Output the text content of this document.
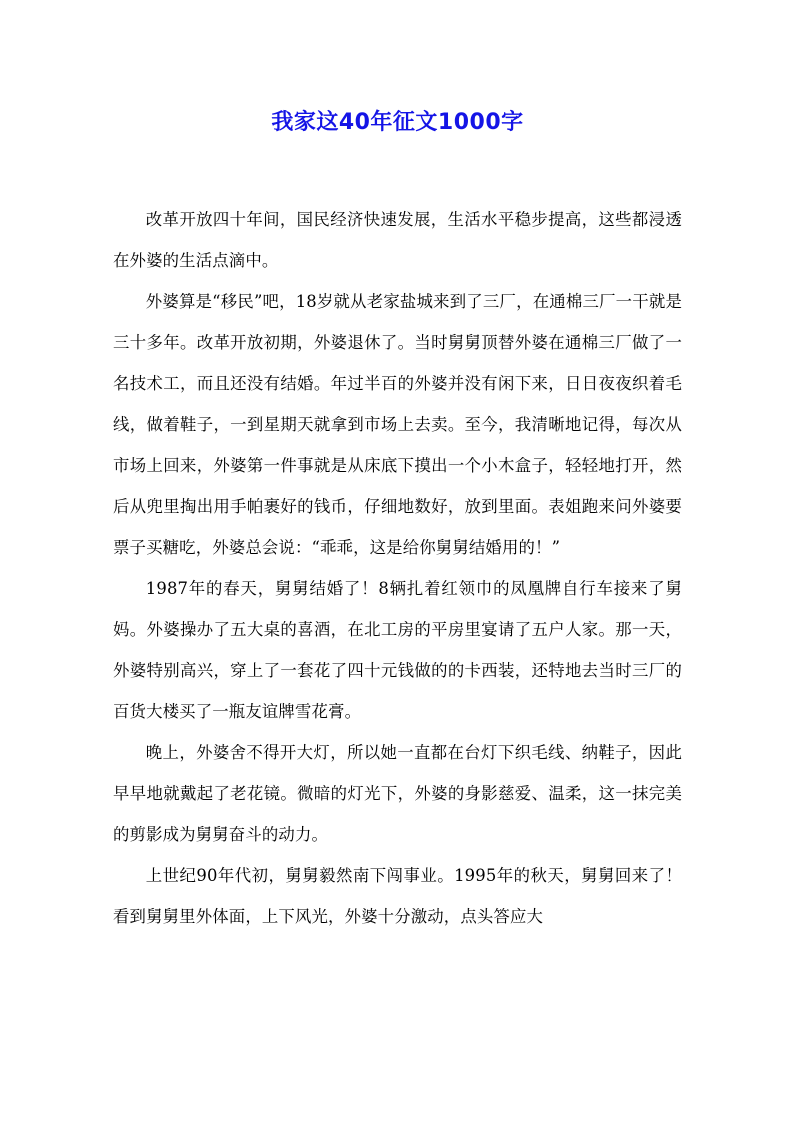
我家这40年征文1000字

改革开放四十年间，国民经济快速发展，生活水平稳步提高，这些都浸透在外婆的生活点滴中。

外婆算是“移民”吧，18岁就从老家盐城来到了三厂，在通棉三厂一干就是三十多年。改革开放初期，外婆退休了。当时舅舅顶替外婆在通棉三厂做了一名技术工，而且还没有结婚。年过半百的外婆并没有闲下来，日日夜夜织着毛线，做着鞋子，一到星期天就拿到市场上去卖。至今，我清晰地记得，每次从市场上回来，外婆第一件事就是从床底下摸出一个小木盒子，轻轻地打开，然后从兜里掏出用手帕裹好的钱币，仔细地数好，放到里面。表姐跑来问外婆要票子买糖吃，外婆总会说：“乖乖，这是给你舅舅结婚用的！”

1987年的春天，舅舅结婚了！8辆扎着红领巾的凤凰牌自行车接来了舅妈。外婆操办了五大桌的喜酒，在北工房的平房里宴请了五户人家。那一天，外婆特别高兴，穿上了一套花了四十元钱做的的卡西装，还特地去当时三厂的百货大楼买了一瓶友谊牌雪花膏。

晚上，外婆舍不得开大灯，所以她一直都在台灯下织毛线、纳鞋子，因此早早地就戴起了老花镜。微暗的灯光下，外婆的身影慈爱、温柔，这一抹完美的剪影成为舅舅奋斗的动力。

上世纪90年代初，舅舅毅然南下闯事业。1995年的秋天，舅舅回来了！看到舅舅里外体面，上下风光，外婆十分激动，点头答应大
